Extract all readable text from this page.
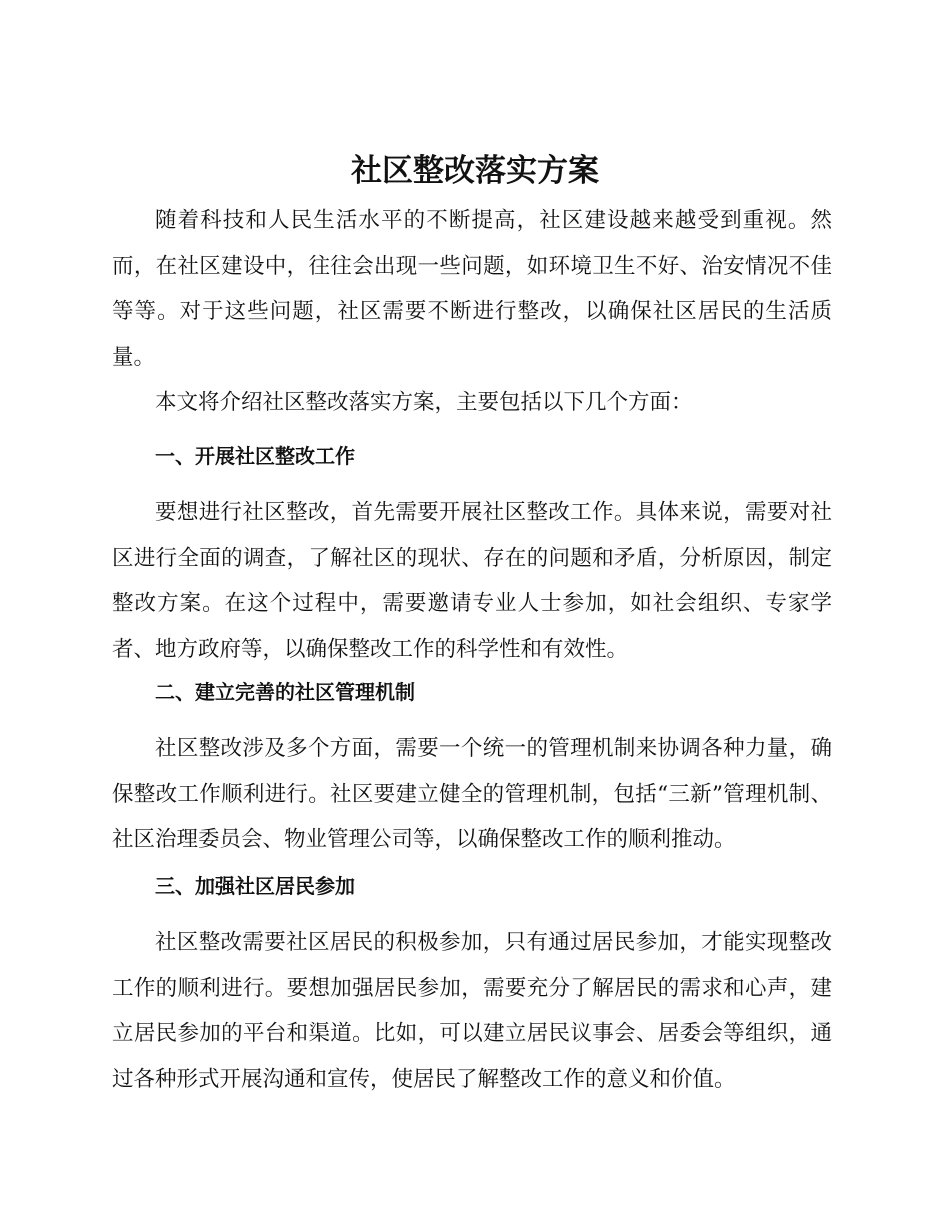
社区整改落实方案

随着科技和人民生活水平的不断提高，社区建设越来越受到重视。然而，在社区建设中，往往会出现一些问题，如环境卫生不好、治安情况不佳等等。对于这些问题，社区需要不断进行整改，以确保社区居民的生活质量。

本文将介绍社区整改落实方案，主要包括以下几个方面：

一、开展社区整改工作

要想进行社区整改，首先需要开展社区整改工作。具体来说，需要对社区进行全面的调查，了解社区的现状、存在的问题和矛盾，分析原因，制定整改方案。在这个过程中，需要邀请专业人士参加，如社会组织、专家学者、地方政府等，以确保整改工作的科学性和有效性。

二、建立完善的社区管理机制

社区整改涉及多个方面，需要一个统一的管理机制来协调各种力量，确保整改工作顺利进行。社区要建立健全的管理机制，包括“三新”管理机制、社区治理委员会、物业管理公司等，以确保整改工作的顺利推动。

三、加强社区居民参加

社区整改需要社区居民的积极参加，只有通过居民参加，才能实现整改工作的顺利进行。要想加强居民参加，需要充分了解居民的需求和心声，建立居民参加的平台和渠道。比如，可以建立居民议事会、居委会等组织，通过各种形式开展沟通和宣传，使居民了解整改工作的意义和价值。
